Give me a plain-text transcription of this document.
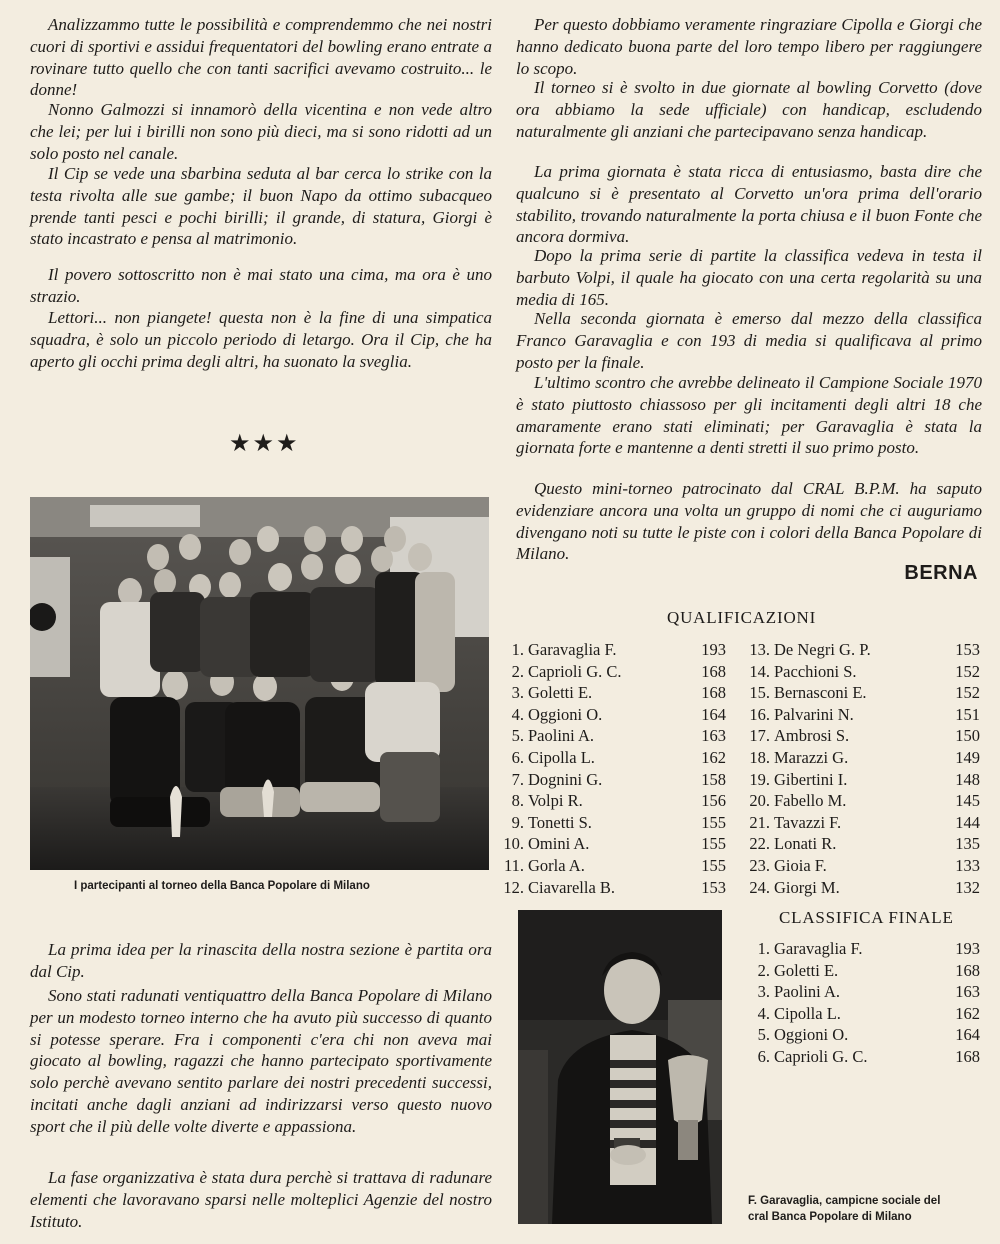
Analizzammo tutte le possibilità e comprendemmo che nei nostri cuori di sportivi e assidui frequentatori del bowling erano entrate a rovinare tutto quello che con tanti sacrifici avevamo costruito... le donne!

Nonno Galmozzi si innamorò della vicentina e non vede altro che lei; per lui i birilli non sono più dieci, ma si sono ridotti ad un solo posto nel canale.

Il Cip se vede una sbarbina seduta al bar cerca lo strike con la testa rivolta alle sue gambe; il buon Napo da ottimo subacqueo prende tanti pesci e pochi birilli; il grande, di statura, Giorgi è stato incastrato e pensa al matrimonio.

Il povero sottoscritto non è mai stato una cima, ma ora è uno strazio.

Lettori... non piangete! questa non è la fine di una simpatica squadra, è solo un piccolo periodo di letargo. Ora il Cip, che ha aperto gli occhi prima degli altri, ha suonato la sveglia.

★★★
I partecipanti al torneo della Banca Popolare di Milano

La prima idea per la rinascita della nostra sezione è partita ora dal Cip.

Sono stati radunati ventiquattro della Banca Popolare di Milano per un modesto torneo interno che ha avuto più successo di quanto si potesse sperare. Fra i componenti c'era chi non aveva mai giocato al bowling, ragazzi che hanno partecipato sportivamente solo perchè avevano sentito parlare dei nostri precedenti successi, incitati anche dagli anziani ad indirizzarsi verso questo nuovo sport che il più delle volte diverte e appassiona.

La fase organizzativa è stata dura perchè si trattava di radunare elementi che lavoravano sparsi nelle molteplici Agenzie del nostro Istituto.

Per questo dobbiamo veramente ringraziare Cipolla e Giorgi che hanno dedicato buona parte del loro tempo libero per raggiungere lo scopo.

Il torneo si è svolto in due giornate al bowling Corvetto (dove ora abbiamo la sede ufficiale) con handicap, escludendo naturalmente gli anziani che partecipavano senza handicap.

La prima giornata è stata ricca di entusiasmo, basta dire che qualcuno si è presentato al Corvetto un'ora prima dell'orario stabilito, trovando naturalmente la porta chiusa e il buon Fonte che ancora dormiva.

Dopo la prima serie di partite la classifica vedeva in testa il barbuto Volpi, il quale ha giocato con una certa regolarità su una media di 165.

Nella seconda giornata è emerso dal mezzo della classifica Franco Garavaglia e con 193 di media si qualificava al primo posto per la finale.

L'ultimo scontro che avrebbe delineato il Campione Sociale 1970 è stato piuttosto chiassoso per gli incitamenti degli altri 18 che amaramente erano stati eliminati; per Garavaglia è stata la giornata forte e mantenne a denti stretti il suo primo posto.

Questo mini-torneo patrocinato dal CRAL B.P.M. ha saputo evidenziare ancora una volta un gruppo di nomi che ci auguriamo divengano noti su tutte le piste con i colori della Banca Popolare di Milano.

BERNA
QUALIFICAZIONI
1. Garavaglia F.	193
2. Caprioli G. C.	168
3. Goletti E.	168
4. Oggioni O.	164
5. Paolini A.	163
6. Cipolla L.	162
7. Dognini G.	158
8. Volpi R.	156
9. Tonetti S.	155
10. Omini A.	155
11. Gorla A.	155
12. Ciavarella B.	153
13. De Negri G. P.	153
14. Pacchioni S.	152
15. Bernasconi E.	152
16. Palvarini N.	151
17. Ambrosi S.	150
18. Marazzi G.	149
19. Gibertini I.	148
20. Fabello M.	145
21. Tavazzi F.	144
22. Lonati R.	135
23. Gioia F.	133
24. Giorgi M.	132
F. Garavaglia, campicne sociale del
cral Banca Popolare di Milano
CLASSIFICA FINALE
1. Garavaglia F.	193
2. Goletti E.	168
3. Paolini A.	163
4. Cipolla L.	162
5. Oggioni O.	164
6. Caprioli G. C.	168
